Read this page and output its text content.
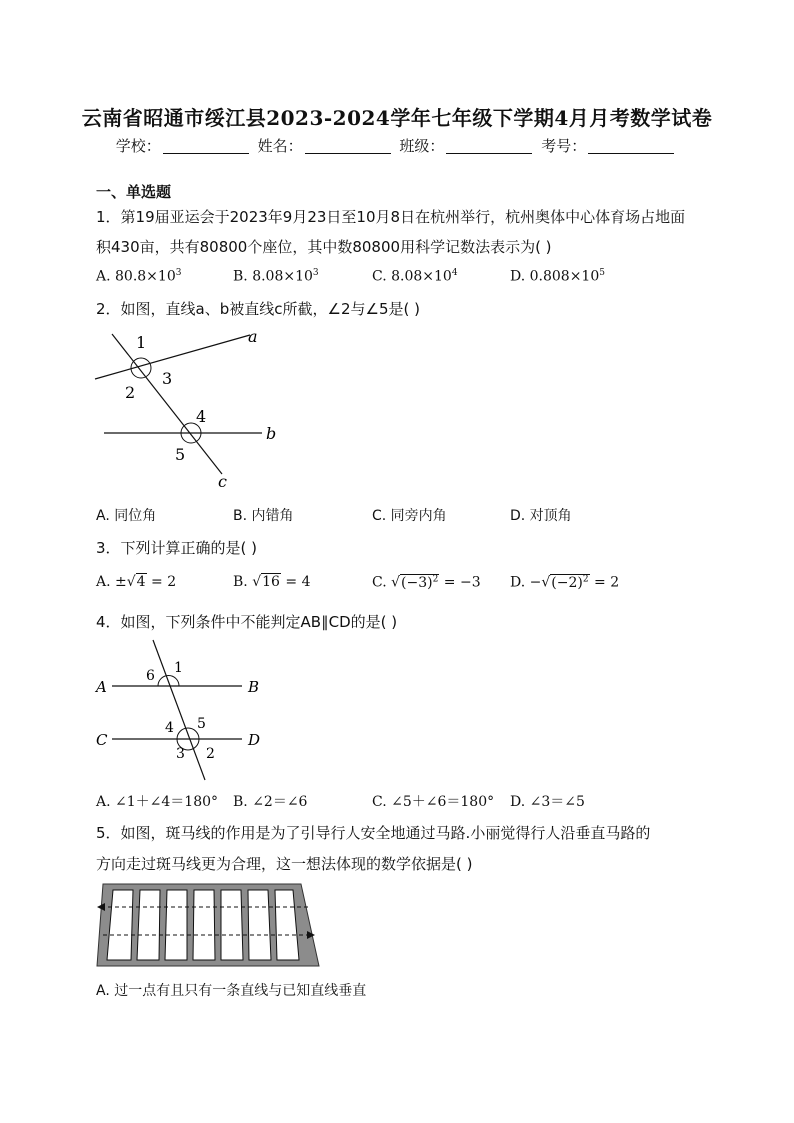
云南省昭通市绥江县2023-2024学年七年级下学期4月月考数学试卷
学校：	姓名：	班级：	考号：
一、单选题
1．第19届亚运会于2023年9月23日至10月8日在杭州举行，杭州奥体中心体育场占地面
积430亩，共有80800个座位，其中数80800用科学记数法表示为( )
A. $80.8\times 10^3$	B. $8.08\times 10^3$	C. $8.08\times 10^4$	D. $0.808\times 10^5$
2．如图，直线a、b被直线c所截，∠2与∠5是( )
1
2
3
4
5
a
b
c
A. 同位角	B. 内错角	C. 同旁内角	D. 对顶角
3．下列计算正确的是( )
A. ±√4 = 2	B. √16 = 4	C. $√(-3)^2 = -3$ D. $-√(-2)^2 = 2$
4．如图，下列条件中不能判定AB∥CD的是( )
A	B
C	D
1
6
4 5
3 2
A. ∠1＋∠4＝180° B. ∠2＝∠6	C. ∠5＋∠6＝180° D. ∠3＝∠5
5．如图，斑马线的作用是为了引导行人安全地通过马路.小丽觉得行人沿垂直马路的
方向走过斑马线更为合理，这一想法体现的数学依据是( )
A. 过一点有且只有一条直线与已知直线垂直
